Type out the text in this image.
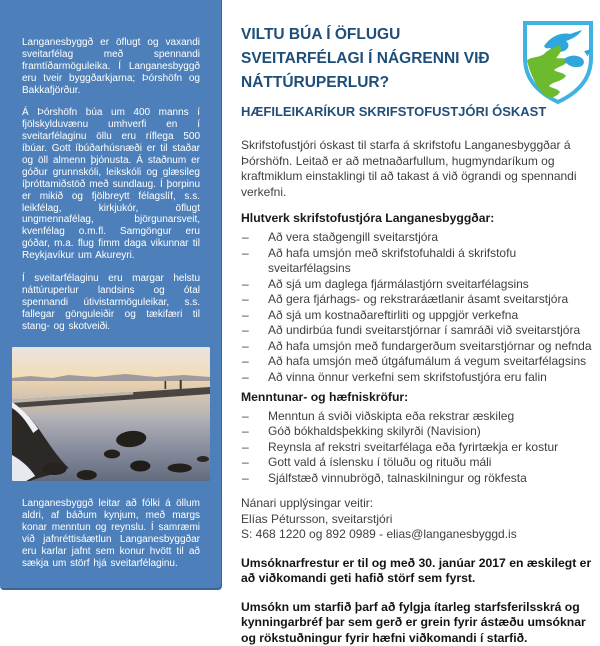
Langanesbyggð er öflugt og vaxandi sveitarfélag með spennandi framtíðarmöguleika. Í Langanesbyggð eru tveir byggðarkjarna; Þórshöfn og Bakkafjörður.

Á Þórshöfn búa um 400 manns í fjölskylduvænu umhverfi en í sveitarfélaginu öllu eru ríflega 500 íbúar. Gott íbúðarhúsnæði er til staðar og öll almenn þjónusta. Á staðnum er góður grunnskóli, leikskóli og glæsileg íþróttamiðstöð með sundlaug. Í þorpinu er mikið og fjölbreytt félagslíf, s.s. leikfélag, kirkjukór, öflugt ungmennafélag, björgunarsveit, kvenfélag o.m.fl. Samgöngur eru góðar, m.a. flug fimm daga vikunnar til Reykjavíkur um Akureyri.

Í sveitarfélaginu eru margar helstu náttúruperlur landsins og ótal spennandi útivistarmöguleikar, s.s. fallegar gönguleiðir og tækifæri til stang- og skotveiði.

Langanesbyggð leitar að fólki á öllum aldri, af báðum kynjum, með margs konar menntun og reynslu. Í samræmi við jafnréttisáætlun Langanesbyggðar eru karlar jafnt sem konur hvött til að sækja um störf hjá sveitarfélaginu.

Langanesbyggð, Fjarðarvegi 3, 680 Þórshöfn
www.langanesbyggd.is
VILTU BÚA Í ÖFLUGU SVEITARFÉLAGI Í NÁGRENNI VIÐ NÁTTÚRUPERLUR?
HÆFILEIKARÍKUR SKRIFSTOFUSTJÓRI ÓSKAST

Skrifstofustjóri óskast til starfa á skrifstofu Langanesbyggðar á Þórshöfn. Leitað er að metnaðarfullum, hugmyndaríkum og kraftmiklum einstaklingi til að takast á við ögrandi og spennandi verkefni.

Hlutverk skrifstofustjóra Langanesbyggðar:
–	Að vera staðgengill sveitarstjóra
–	Að hafa umsjón með skrifstofuhaldi á skrifstofu sveitarfélagsins
–	Að sjá um daglega fjármálastjórn sveitarfélagsins
–	Að gera fjárhags- og rekstraráætlanir ásamt sveitarstjóra
–	Að sjá um kostnaðareftirliti og uppgjör verkefna
–	Að undirbúa fundi sveitarstjórnar í samráði við sveitarstjóra
–	Að hafa umsjón með fundargerðum sveitarstjórnar og nefnda
–	Að hafa umsjón með útgáfumálum á vegum sveitarfélagsins
–	Að vinna önnur verkefni sem skrifstofustjóra eru falin
Menntunar- og hæfniskröfur:
–	Menntun á sviði viðskipta eða rekstrar æskileg
–	Góð bókhaldsþekking skilyrði (Navision)
–	Reynsla af rekstri sveitarfélaga eða fyrirtækja er kostur
–	Gott vald á íslensku í töluðu og rituðu máli
–	Sjálfstæð vinnubrögð, talnaskilningur og rökfesta
Nánari upplýsingar veitir:
Elías Pétursson, sveitarstjóri
S: 468 1220 og 892 0989 - elias@langanesbyggd.is

Umsóknarfrestur er til og með 30. janúar 2017 en æskilegt er að viðkomandi geti hafið störf sem fyrst.

Umsókn um starfið þarf að fylgja ítarleg starfsferilsskrá og kynningarbréf þar sem gerð er grein fyrir ástæðu umsóknar og rökstuðningur fyrir hæfni viðkomandi í starfið.
